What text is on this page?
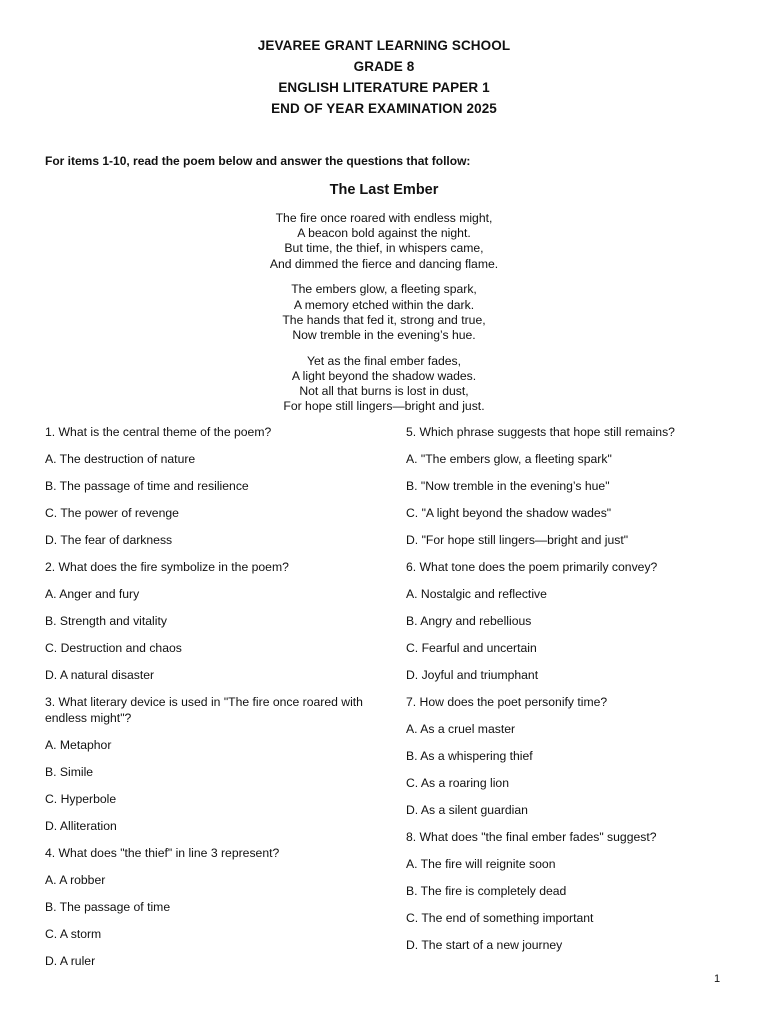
JEVAREE GRANT LEARNING SCHOOL
GRADE 8
ENGLISH LITERATURE PAPER 1
END OF YEAR EXAMINATION 2025
For items 1-10, read the poem below and answer the questions that follow:
The Last Ember
The fire once roared with endless might,
A beacon bold against the night.
But time, the thief, in whispers came,
And dimmed the fierce and dancing flame.
The embers glow, a fleeting spark,
A memory etched within the dark.
The hands that fed it, strong and true,
Now tremble in the evening’s hue.
Yet as the final ember fades,
A light beyond the shadow wades.
Not all that burns is lost in dust,
For hope still lingers—bright and just.
1. What is the central theme of the poem?
A. The destruction of nature
B. The passage of time and resilience
C. The power of revenge
D. The fear of darkness
2. What does the fire symbolize in the poem?
A. Anger and fury
B. Strength and vitality
C. Destruction and chaos
D. A natural disaster
3. What literary device is used in "The fire once roared with endless might"?
A. Metaphor
B. Simile
C. Hyperbole
D. Alliteration
4. What does "the thief" in line 3 represent?
A. A robber
B. The passage of time
C. A storm
D. A ruler
5. Which phrase suggests that hope still remains?
A. "The embers glow, a fleeting spark"
B. "Now tremble in the evening’s hue"
C. "A light beyond the shadow wades"
D. "For hope still lingers—bright and just"
6. What tone does the poem primarily convey?
A. Nostalgic and reflective
B. Angry and rebellious
C. Fearful and uncertain
D. Joyful and triumphant
7. How does the poet personify time?
A. As a cruel master
B. As a whispering thief
C. As a roaring lion
D. As a silent guardian
8. What does "the final ember fades" suggest?
A. The fire will reignite soon
B. The fire is completely dead
C. The end of something important
D. The start of a new journey
1
